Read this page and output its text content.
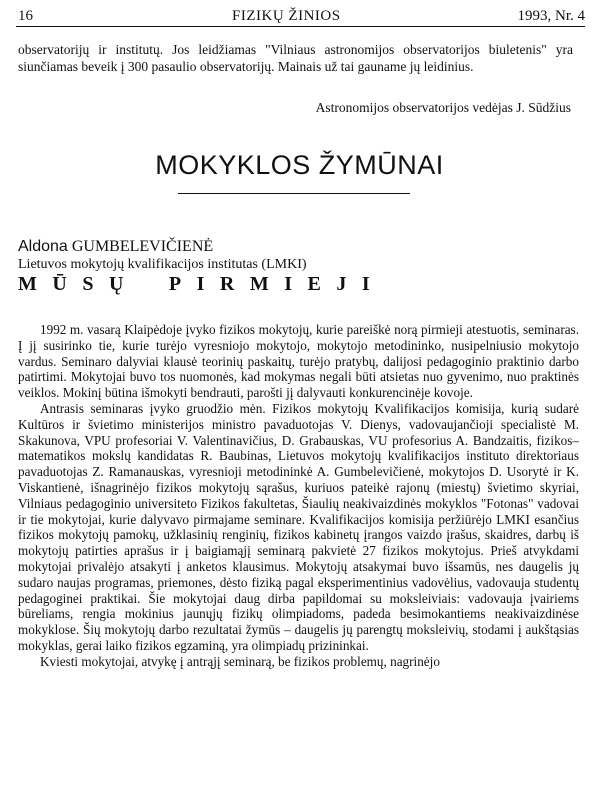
16	FIZIKŲ ŽINIOS	1993, Nr. 4
observatorijų ir institutų. Jos leidžiamas "Vilniaus astronomijos observatorijos biuletenis" yra siunčiamas beveik į 300 pasaulio observatorijų. Mainais už tai gauname jų leidinius.
Astronomijos observatorijos vedėjas J. Sūdžius
MOKYKLOS ŽYMŪNAI
Aldona GUMBELEVIČIENĖ
Lietuvos mokytojų kvalifikacijos institutas (LMKI)
MŪSŲ PIRMIEJI

1992 m. vasarą Klaipėdoje įvyko fizikos mokytojų, kurie pareiškė norą pirmieji atestuotis, seminaras. Į jį susirinko tie, kurie turėjo vyresniojo mokytojo, mokytojo metodininko, nusipelniusio mokytojo vardus. Seminaro dalyviai klausė teorinių paskaitų, turėjo pratybų, dalijosi pedagoginio praktinio darbo patirtimi. Mokytojai buvo tos nuomonės, kad mokymas negali būti atsietas nuo gyvenimo, nuo praktinės veiklos. Mokinį būtina išmokyti bendrauti, parošti jį dalyvauti konkurencinėje kovoje.

Antrasis seminaras įvyko gruodžio mėn. Fizikos mokytojų Kvalifikacijos komisija, kurią sudarė Kultūros ir švietimo ministerijos ministro pavaduotojas V. Dienys, vadovaujančioji specialistė M. Skakunova, VPU profesoriai V. Valentinavičius, D. Grabauskas, VU profesorius A. Bandzaitis, fizikos–matematikos mokslų kandidatas R. Baubinas, Lietuvos mokytojų kvalifikacijos instituto direktoriaus pavaduotojas Z. Ramanauskas, vyresnioji metodininkė A. Gumbelevičienė, mokytojos D. Usorytė ir K. Viskantienė, išnagrinėjo fizikos mokytojų sąrašus, kuriuos pateikė rajonų (miestų) švietimo skyriai, Vilniaus pedagoginio universiteto Fizikos fakultetas, Šiaulių neakivaizdinės mokyklos "Fotonas" vadovai ir tie mokytojai, kurie dalyvavo pirmajame seminare. Kvalifikacijos komisija peržiūrėjo LMKI esančius fizikos mokytojų pamokų, užklasinių renginių, fizikos kabinetų įrangos vaizdo įrašus, skaidres, darbų iš mokytojų patirties aprašus ir į baigiamąjį seminarą pakvietė 27 fizikos mokytojus. Prieš atvykdami mokytojai privalėjo atsakyti į anketos klausimus. Mokytojų atsakymai buvo išsamūs, nes daugelis jų sudaro naujas programas, priemones, dėsto fiziką pagal eksperimentinius vadovėlius, vadovauja studentų pedagoginei praktikai. Šie mokytojai daug dirba papildomai su moksleiviais: vadovauja įvairiems būreliams, rengia mokinius jaunųjų fizikų olimpiadoms, padeda besimokantiems neakivaizdinėse mokyklose. Šių mokytojų darbo rezultatai žymūs – daugelis jų parengtų moksleivių, stodami į aukštąsias mokyklas, gerai laiko fizikos egzaminą, yra olimpiadų prizininkai.

Kviesti mokytojai, atvykę į antrąjį seminarą, be fizikos problemų, nagrinėjo
